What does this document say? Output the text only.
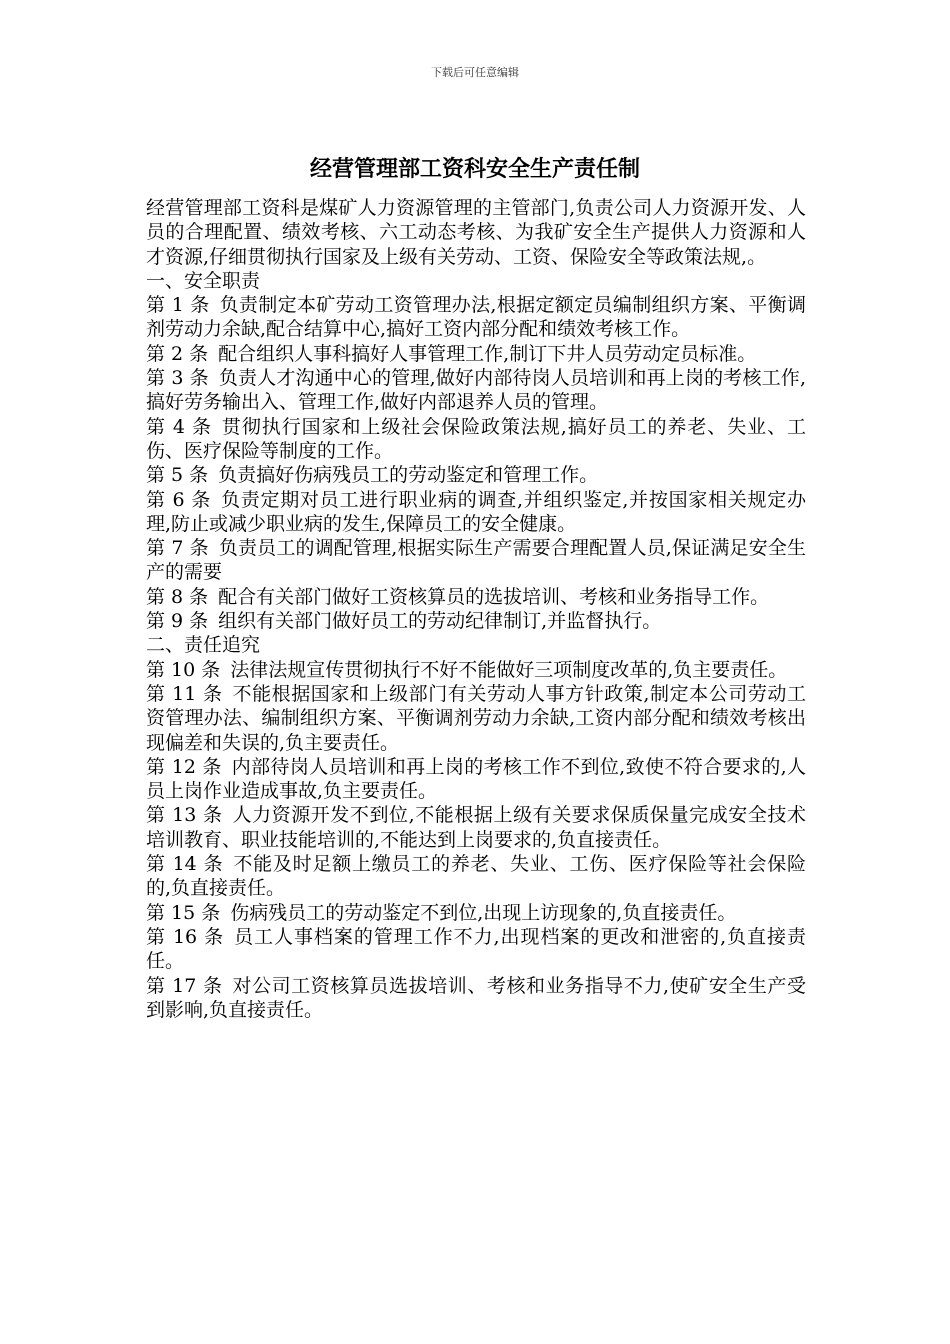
下载后可任意编辑
经营管理部工资科安全生产责任制

经营管理部工资科是煤矿人力资源管理的主管部门,负责公司人力资源开发、人员的合理配置、绩效考核、六工动态考核、为我矿安全生产提供人力资源和人才资源,仔细贯彻执行国家及上级有关劳动、工资、保险安全等政策法规,。

一、安全职责

第 1 条 负责制定本矿劳动工资管理办法,根据定额定员编制组织方案、平衡调剂劳动力余缺,配合结算中心,搞好工资内部分配和绩效考核工作。

第 2 条 配合组织人事科搞好人事管理工作,制订下井人员劳动定员标准。

第 3 条 负责人才沟通中心的管理,做好内部待岗人员培训和再上岗的考核工作,搞好劳务输出入、管理工作,做好内部退养人员的管理。

第 4 条 贯彻执行国家和上级社会保险政策法规,搞好员工的养老、失业、工伤、医疗保险等制度的工作。

第 5 条 负责搞好伤病残员工的劳动鉴定和管理工作。

第 6 条 负责定期对员工进行职业病的调查,并组织鉴定,并按国家相关规定办理,防止或减少职业病的发生,保障员工的安全健康。

第 7 条 负责员工的调配管理,根据实际生产需要合理配置人员,保证满足安全生产的需要

第 8 条 配合有关部门做好工资核算员的选拔培训、考核和业务指导工作。

第 9 条 组织有关部门做好员工的劳动纪律制订,并监督执行。

二、责任追究

第 10 条 法律法规宣传贯彻执行不好不能做好三项制度改革的,负主要责任。

第 11 条 不能根据国家和上级部门有关劳动人事方针政策,制定本公司劳动工资管理办法、编制组织方案、平衡调剂劳动力余缺,工资内部分配和绩效考核出现偏差和失误的,负主要责任。

第 12 条 内部待岗人员培训和再上岗的考核工作不到位,致使不符合要求的,人员上岗作业造成事故,负主要责任。

第 13 条 人力资源开发不到位,不能根据上级有关要求保质保量完成安全技术培训教育、职业技能培训的,不能达到上岗要求的,负直接责任。

第 14 条 不能及时足额上缴员工的养老、失业、工伤、医疗保险等社会保险的,负直接责任。

第 15 条 伤病残员工的劳动鉴定不到位,出现上访现象的,负直接责任。

第 16 条 员工人事档案的管理工作不力,出现档案的更改和泄密的,负直接责任。

第 17 条 对公司工资核算员选拔培训、考核和业务指导不力,使矿安全生产受到影响,负直接责任。
